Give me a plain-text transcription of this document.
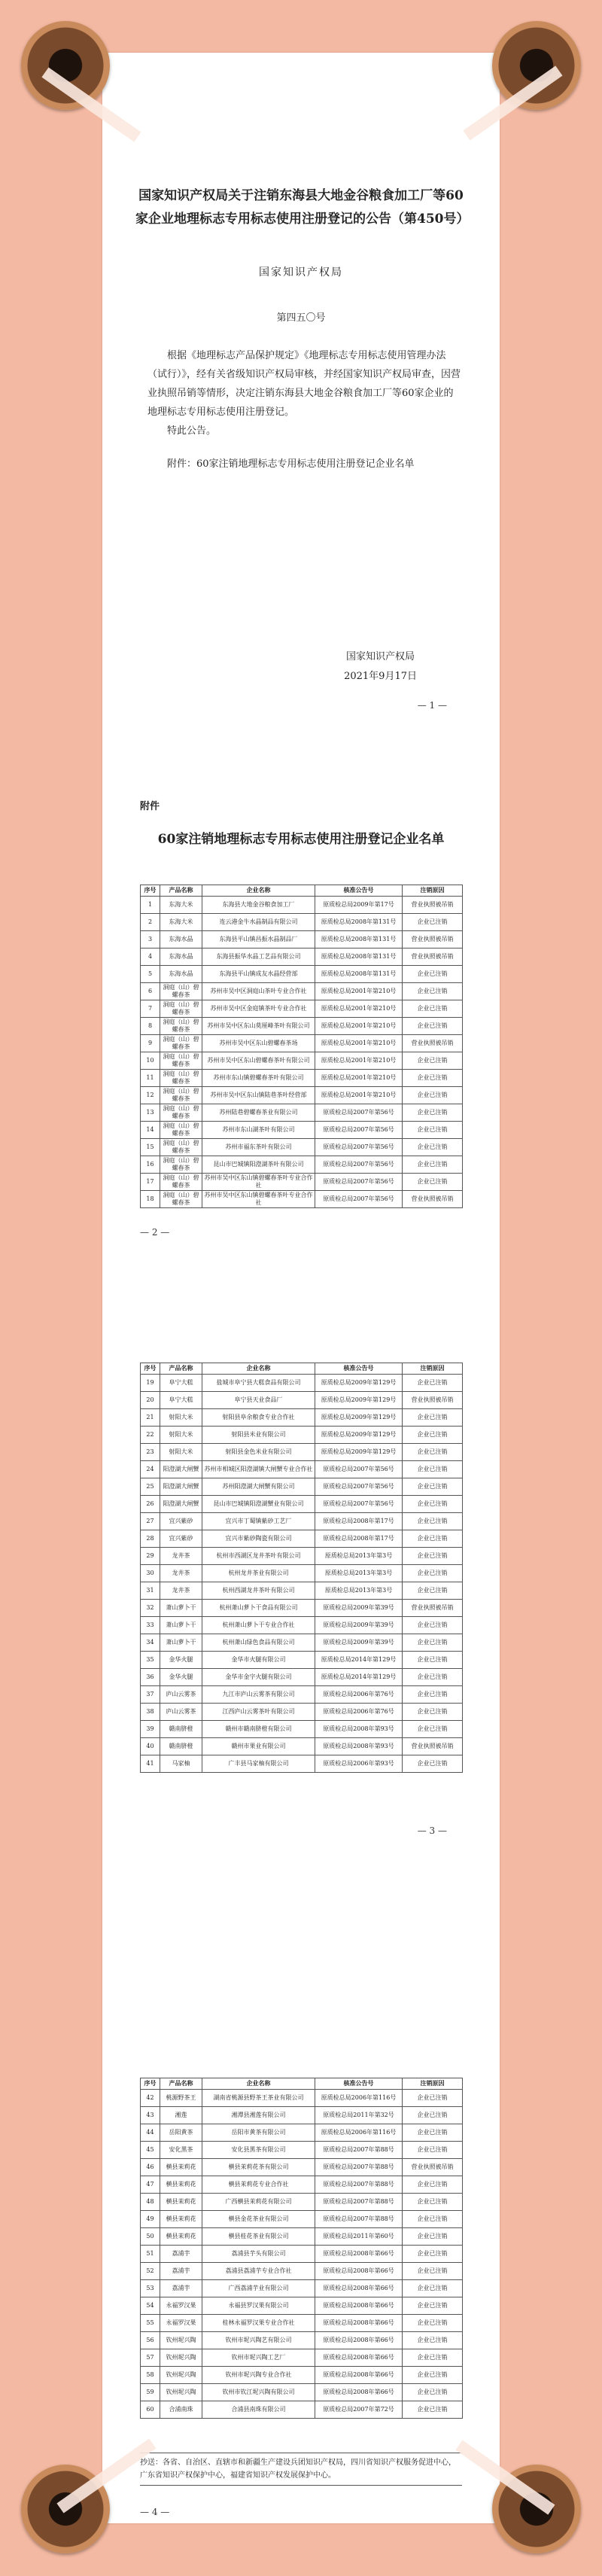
国家知识产权局关于注销东海县大地金谷粮食加工厂等60家企业地理标志专用标志使用注册登记的公告（第450号）
国家知识产权局
第四五〇号
根据《地理标志产品保护规定》《地理标志专用标志使用管理办法（试行）》，经有关省级知识产权局审核，并经国家知识产权局审查，因营业执照吊销等情形，决定注销东海县大地金谷粮食加工厂等60家企业的地理标志专用标志使用注册登记。
特此公告。
附件：60家注销地理标志专用标志使用注册登记企业名单
国家知识产权局
2021年9月17日
— 1 —
附件
60家注销地理标志专用标志使用注册登记企业名单
序号	产品名称	企业名称	核准公告号	注销原因
1	东海大米	东海县大地金谷粮食加工厂	原质检总局2009年第17号	营业执照被吊销
2	东海大米	连云港金牛水晶制品有限公司	原质检总局2008年第131号	企业已注销
3	东海水晶	东海县平山镇昌振水晶制品厂	原质检总局2008年第131号	营业执照被吊销
4	东海水晶	东海县振华水晶工艺品有限公司	原质检总局2008年第131号	营业执照被吊销
5	东海水晶	东海县平山镇成友水晶经营部	原质检总局2008年第131号	企业已注销
6	洞庭（山）碧螺春茶	苏州市吴中区洞庭山茶叶专业合作社	原质检总局2001年第210号	企业已注销
7	洞庭（山）碧螺春茶	苏州市吴中区金庭镇茶叶专业合作社	原质检总局2001年第210号	企业已注销
8	洞庭（山）碧螺春茶	苏州市吴中区东山莫厘峰茶叶有限公司	原质检总局2001年第210号	企业已注销
9	洞庭（山）碧螺春茶	苏州市吴中区东山碧螺春茶场	原质检总局2001年第210号	营业执照被吊销
10	洞庭（山）碧螺春茶	苏州市吴中区东山碧螺春茶叶有限公司	原质检总局2001年第210号	企业已注销
11	洞庭（山）碧螺春茶	苏州市东山镇碧螺春茶叶有限公司	原质检总局2001年第210号	企业已注销
12	洞庭（山）碧螺春茶	苏州市吴中区东山镇陆巷茶叶经营部	原质检总局2001年第210号	企业已注销
13	洞庭（山）碧螺春茶	苏州陆巷碧螺春茶业有限公司	原质检总局2007年第56号	企业已注销
14	洞庭（山）碧螺春茶	苏州市东山湖茶叶有限公司	原质检总局2007年第56号	企业已注销
15	洞庭（山）碧螺春茶	苏州市福东茶叶有限公司	原质检总局2007年第56号	企业已注销
16	洞庭（山）碧螺春茶	昆山市巴城镇阳澄湖茶叶有限公司	原质检总局2007年第56号	企业已注销
17	洞庭（山）碧螺春茶	苏州市吴中区东山镇碧螺春茶叶专业合作社	原质检总局2007年第56号	企业已注销
18	洞庭（山）碧螺春茶	苏州市吴中区东山镇碧螺春茶叶专业合作社	原质检总局2007年第56号	营业执照被吊销
— 2 —
序号	产品名称	企业名称	核准公告号	注销原因
19	阜宁大糕	盐城市阜宁县大糕食品有限公司	原质检总局2009年第129号	企业已注销
20	阜宁大糕	阜宁县天业食品厂	原质检总局2009年第129号	营业执照被吊销
21	射阳大米	射阳县阜余粮食专业合作社	原质检总局2009年第129号	企业已注销
22	射阳大米	射阳县米业有限公司	原质检总局2009年第129号	企业已注销
23	射阳大米	射阳县金色米业有限公司	原质检总局2009年第129号	企业已注销
24	阳澄湖大闸蟹	苏州市相城区阳澄湖镇大闸蟹专业合作社	原质检总局2007年第56号	企业已注销
25	阳澄湖大闸蟹	苏州阳澄湖大闸蟹有限公司	原质检总局2007年第56号	企业已注销
26	阳澄湖大闸蟹	昆山市巴城镇阳澄湖蟹业有限公司	原质检总局2007年第56号	企业已注销
27	宜兴紫砂	宜兴市丁蜀镇紫砂工艺厂	原质检总局2008年第17号	企业已注销
28	宜兴紫砂	宜兴市紫砂陶瓷有限公司	原质检总局2008年第17号	企业已注销
29	龙井茶	杭州市西湖区龙井茶叶有限公司	原质检总局2013年第3号	企业已注销
30	龙井茶	杭州龙井茶业有限公司	原质检总局2013年第3号	企业已注销
31	龙井茶	杭州西湖龙井茶叶有限公司	原质检总局2013年第3号	企业已注销
32	萧山萝卜干	杭州萧山萝卜干食品有限公司	原质检总局2009年第39号	营业执照被吊销
33	萧山萝卜干	杭州萧山萝卜干专业合作社	原质检总局2009年第39号	企业已注销
34	萧山萝卜干	杭州萧山绿色食品有限公司	原质检总局2009年第39号	企业已注销
35	金华火腿	金华市火腿有限公司	原质检总局2014年第129号	企业已注销
36	金华火腿	金华市金字火腿有限公司	原质检总局2014年第129号	企业已注销
37	庐山云雾茶	九江市庐山云雾茶有限公司	原质检总局2006年第76号	企业已注销
38	庐山云雾茶	江西庐山云雾茶叶有限公司	原质检总局2006年第76号	企业已注销
39	赣南脐橙	赣州市赣南脐橙有限公司	原质检总局2008年第93号	企业已注销
40	赣南脐橙	赣州市果业有限公司	原质检总局2008年第93号	营业执照被吊销
41	马家柚	广丰县马家柚有限公司	原质检总局2006年第93号	企业已注销
— 3 —
序号	产品名称	企业名称	核准公告号	注销原因
42	桃源野茶王	湖南省桃源县野茶王茶业有限公司	原质检总局2006年第116号	企业已注销
43	湘莲	湘潭县湘莲有限公司	原质检总局2011年第32号	企业已注销
44	岳阳黄茶	岳阳市黄茶有限公司	原质检总局2006年第116号	企业已注销
45	安化黑茶	安化县黑茶有限公司	原质检总局2007年第88号	企业已注销
46	横县茉莉花	横县茉莉花茶有限公司	原质检总局2007年第88号	营业执照被吊销
47	横县茉莉花	横县茉莉花专业合作社	原质检总局2007年第88号	企业已注销
48	横县茉莉花	广西横县茉莉花有限公司	原质检总局2007年第88号	企业已注销
49	横县茉莉花	横县金花茶业有限公司	原质检总局2007年第88号	企业已注销
50	横县茉莉花	横县桂花茶业有限公司	原质检总局2011年第60号	企业已注销
51	荔浦芋	荔浦县芋头有限公司	原质检总局2008年第66号	企业已注销
52	荔浦芋	荔浦县荔浦芋专业合作社	原质检总局2008年第66号	企业已注销
53	荔浦芋	广西荔浦芋业有限公司	原质检总局2008年第66号	企业已注销
54	永福罗汉果	永福县罗汉果有限公司	原质检总局2008年第66号	企业已注销
55	永福罗汉果	桂林永福罗汉果专业合作社	原质检总局2008年第66号	企业已注销
56	钦州坭兴陶	钦州市坭兴陶艺有限公司	原质检总局2008年第66号	企业已注销
57	钦州坭兴陶	钦州市坭兴陶工艺厂	原质检总局2008年第66号	企业已注销
58	钦州坭兴陶	钦州市坭兴陶专业合作社	原质检总局2008年第66号	企业已注销
59	钦州坭兴陶	钦州市钦江坭兴陶有限公司	原质检总局2008年第66号	企业已注销
60	合浦南珠	合浦县南珠有限公司	原质检总局2007年第72号	企业已注销
抄送：各省、自治区、直辖市和新疆生产建设兵团知识产权局，四川省知识产权服务促进中心，广东省知识产权保护中心，福建省知识产权发展保护中心。
— 4 —
